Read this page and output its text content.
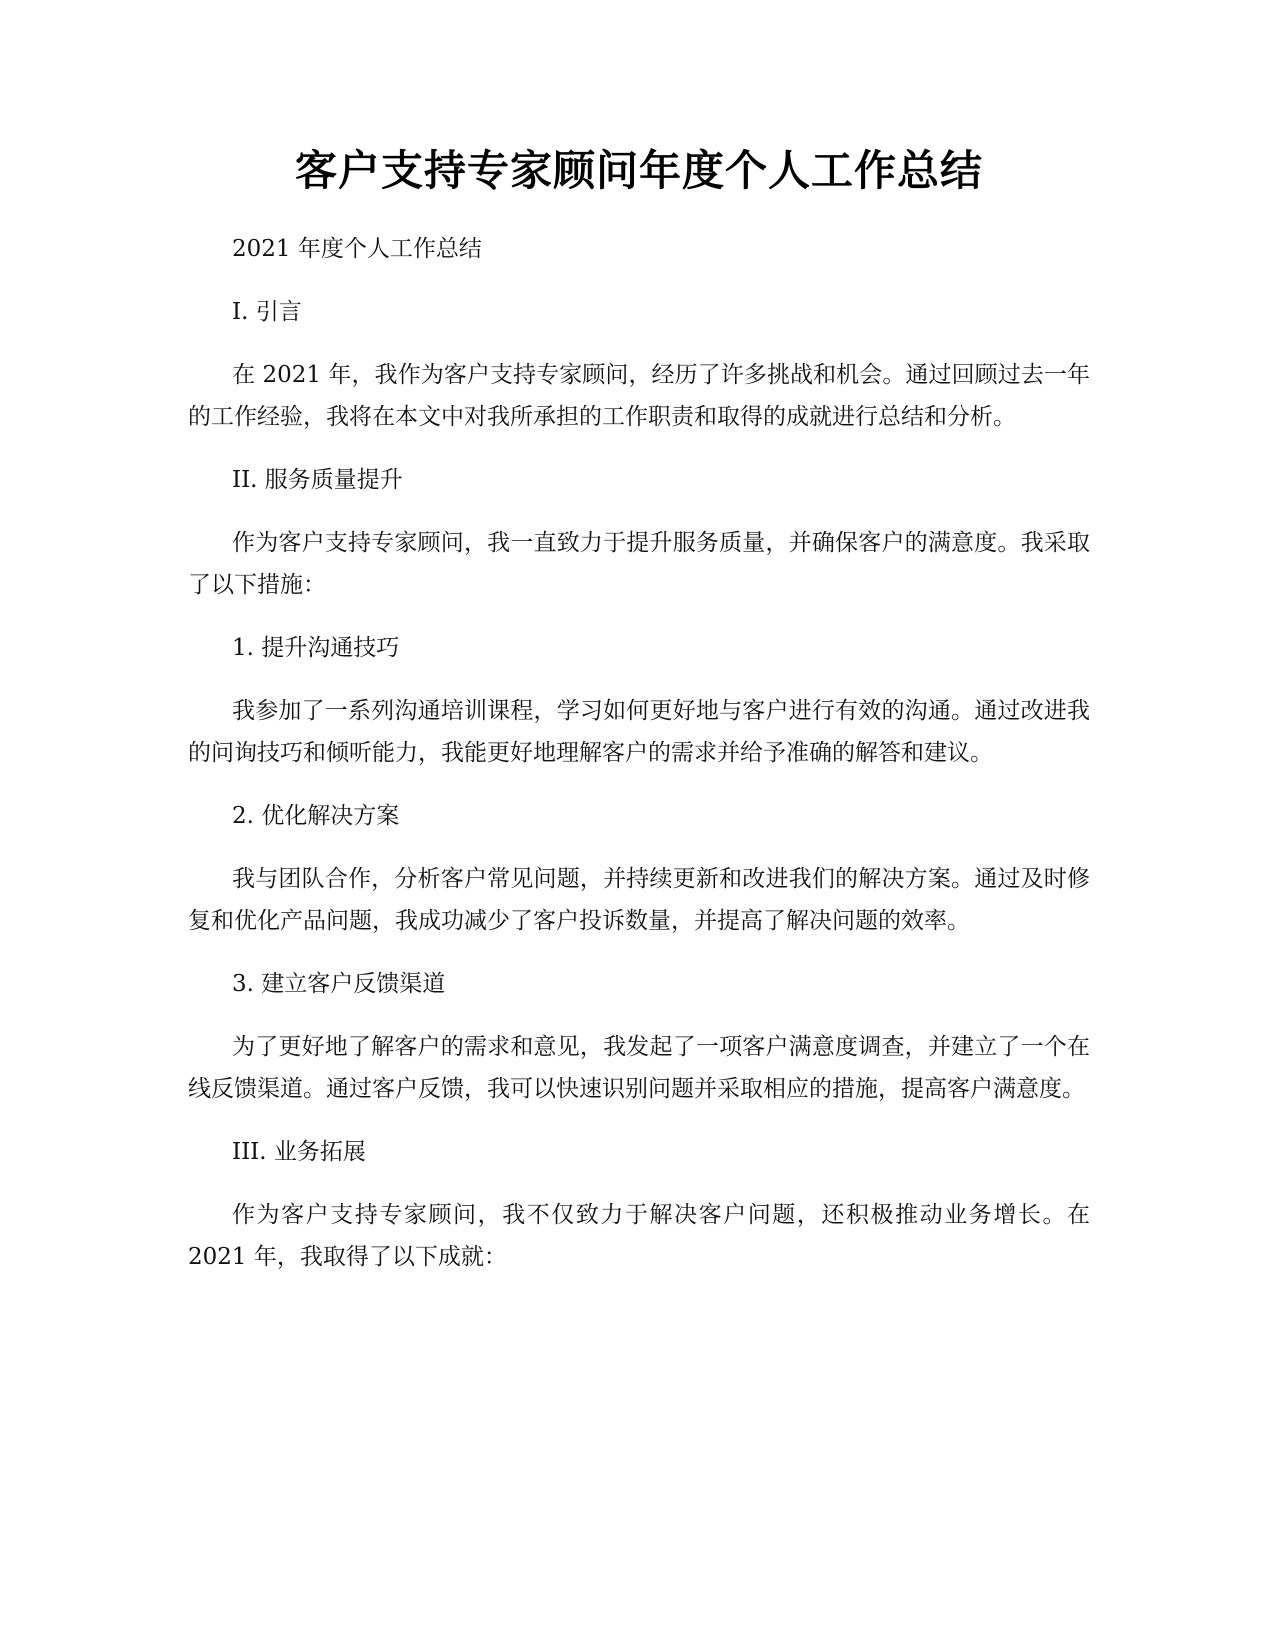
客户支持专家顾问年度个人工作总结

2021 年度个人工作总结

I. 引言

在 2021 年，我作为客户支持专家顾问，经历了许多挑战和机会。通过回顾过去一年的工作经验，我将在本文中对我所承担的工作职责和取得的成就进行总结和分析。

II. 服务质量提升

作为客户支持专家顾问，我一直致力于提升服务质量，并确保客户的满意度。我采取了以下措施：

1. 提升沟通技巧

我参加了一系列沟通培训课程，学习如何更好地与客户进行有效的沟通。通过改进我的问询技巧和倾听能力，我能更好地理解客户的需求并给予准确的解答和建议。

2. 优化解决方案

我与团队合作，分析客户常见问题，并持续更新和改进我们的解决方案。通过及时修复和优化产品问题，我成功减少了客户投诉数量，并提高了解决问题的效率。

3. 建立客户反馈渠道

为了更好地了解客户的需求和意见，我发起了一项客户满意度调查，并建立了一个在线反馈渠道。通过客户反馈，我可以快速识别问题并采取相应的措施，提高客户满意度。

III. 业务拓展

作为客户支持专家顾问，我不仅致力于解决客户问题，还积极推动业务增长。在 2021 年，我取得了以下成就：
